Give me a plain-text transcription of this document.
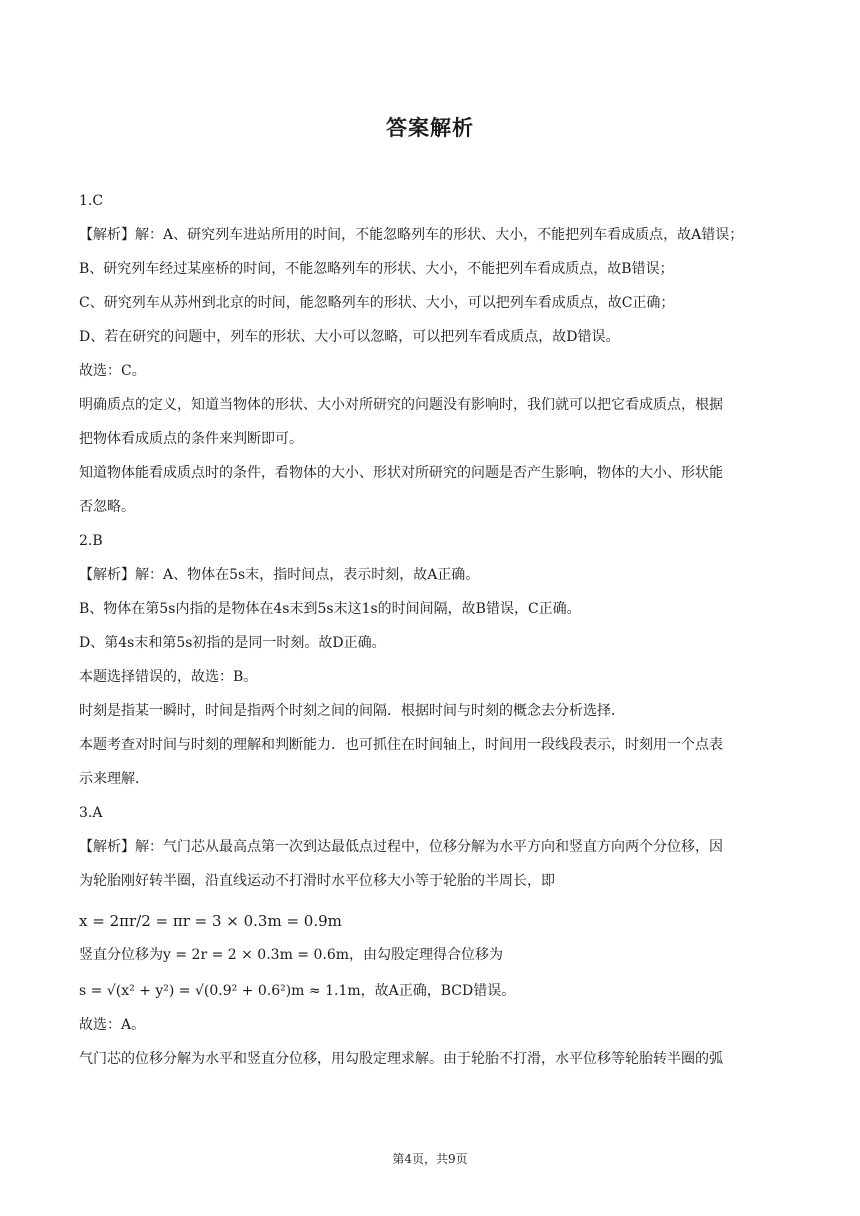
答案解析
1.C
【解析】解：A、研究列车进站所用的时间，不能忽略列车的形状、大小，不能把列车看成质点，故A错误；
B、研究列车经过某座桥的时间，不能忽略列车的形状、大小，不能把列车看成质点，故B错误；
C、研究列车从苏州到北京的时间，能忽略列车的形状、大小，可以把列车看成质点，故C正确；
D、若在研究的问题中，列车的形状、大小可以忽略，可以把列车看成质点，故D错误。
故选：C。
明确质点的定义，知道当物体的形状、大小对所研究的问题没有影响时，我们就可以把它看成质点，根据
把物体看成质点的条件来判断即可。
知道物体能看成质点时的条件，看物体的大小、形状对所研究的问题是否产生影响，物体的大小、形状能
否忽略。
2.B
【解析】解：A、物体在5s末，指时间点，表示时刻，故A正确。
B、物体在第5s内指的是物体在4s末到5s末这1s的时间间隔，故B错误，C正确。
D、第4s末和第5s初指的是同一时刻。故D正确。
本题选择错误的，故选：B。
时刻是指某一瞬时，时间是指两个时刻之间的间隔．根据时间与时刻的概念去分析选择．
本题考查对时间与时刻的理解和判断能力．也可抓住在时间轴上，时间用一段线段表示，时刻用一个点表
示来理解．
3.A
【解析】解：气门芯从最高点第一次到达最低点过程中，位移分解为水平方向和竖直方向两个分位移，因
为轮胎刚好转半圈，沿直线运动不打滑时水平位移大小等于轮胎的半周长，即
x = 2πr/2 = πr = 3 × 0.3m = 0.9m
竖直分位移为y = 2r = 2 × 0.3m = 0.6m，由勾股定理得合位移为
s = √(x² + y²) = √(0.9² + 0.6²)m ≈ 1.1m，故A正确，BCD错误。
故选：A。
气门芯的位移分解为水平和竖直分位移，用勾股定理求解。由于轮胎不打滑，水平位移等轮胎转半圈的弧
第4页，共9页
